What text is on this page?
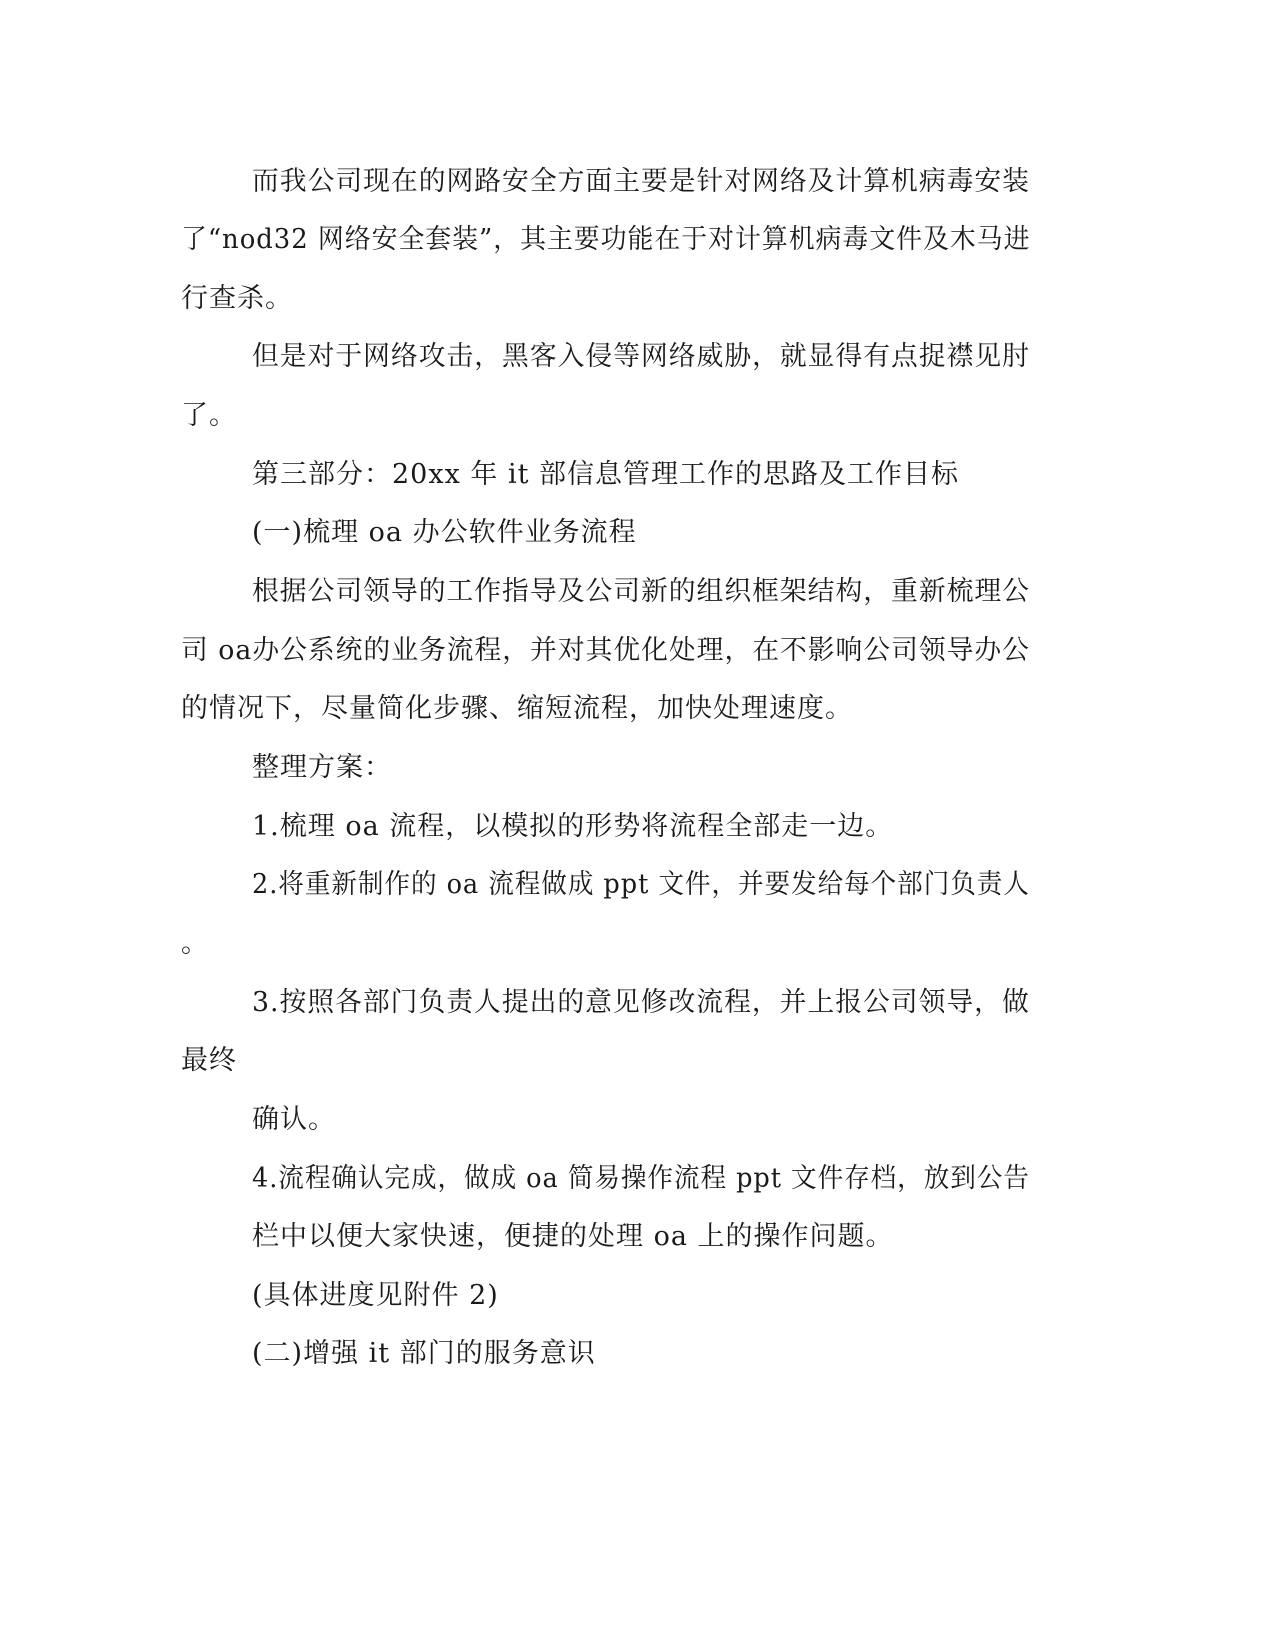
而我公司现在的网路安全方面主要是针对网络及计算机病毒安装
了“nod32 网络安全套装”，其主要功能在于对计算机病毒文件及木马进
行查杀。
但是对于网络攻击，黑客入侵等网络威胁，就显得有点捉襟见肘
了。
第三部分：20xx 年 it 部信息管理工作的思路及工作目标
(一)梳理 oa 办公软件业务流程
根据公司领导的工作指导及公司新的组织框架结构，重新梳理公
司 oa办公系统的业务流程，并对其优化处理，在不影响公司领导办公
的情况下，尽量简化步骤、缩短流程，加快处理速度。
整理方案：
1.梳理 oa 流程，以模拟的形势将流程全部走一边。
2.将重新制作的 oa 流程做成 ppt 文件，并要发给每个部门负责人
。
3.按照各部门负责人提出的意见修改流程，并上报公司领导，做
最终
确认。
4.流程确认完成，做成 oa 简易操作流程 ppt 文件存档，放到公告
栏中以便大家快速，便捷的处理 oa 上的操作问题。
(具体进度见附件 2)
(二)增强 it 部门的服务意识
